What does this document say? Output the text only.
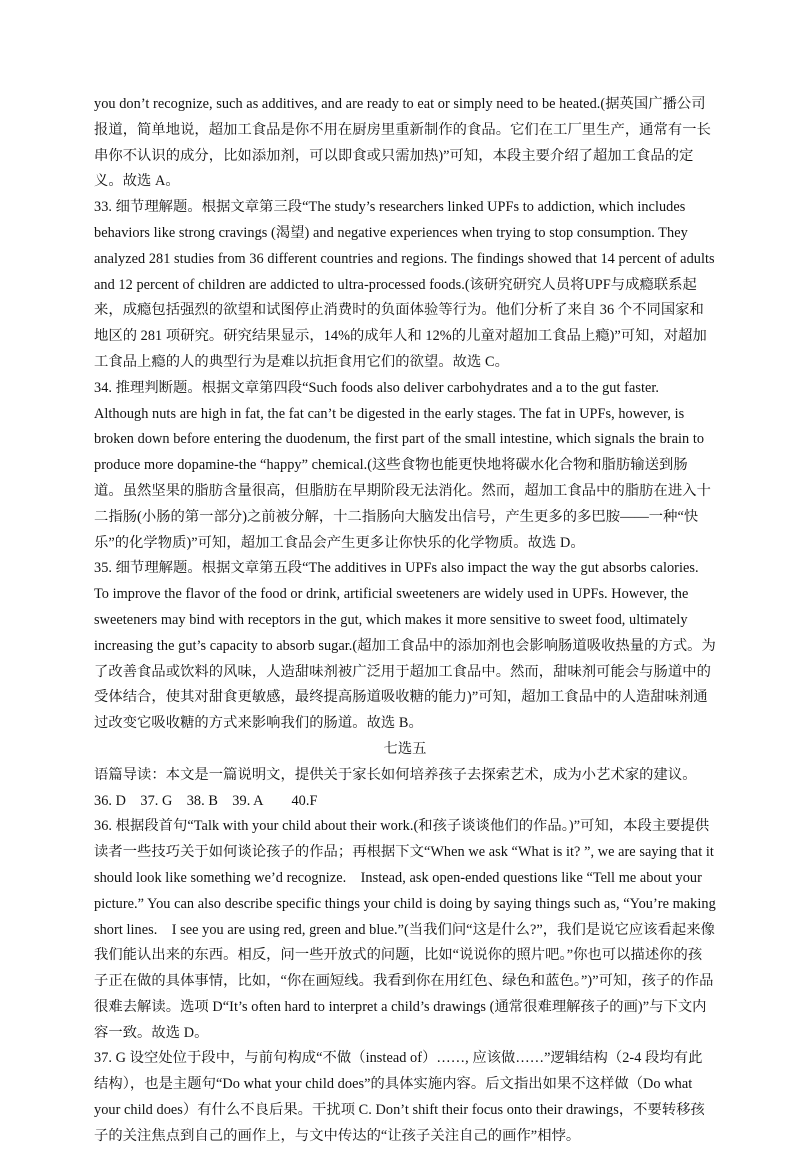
you don’t recognize, such as additives, and are ready to eat or simply need to be heated.(据英国广播公司报道，简单地说，超加工食品是你不用在厨房里重新制作的食品。它们在工厂里生产，通常有一长串你不认识的成分，比如添加剂，可以即食或只需加热)”可知，本段主要介绍了超加工食品的定义。故选 A。

33. 细节理解题。根据文章第三段“The study’s researchers linked UPFs to addiction, which includes behaviors like strong cravings (渴望) and negative experiences when trying to stop consumption. They analyzed 281 studies from 36 different countries and regions. The findings showed that 14 percent of adults and 12 percent of children are addicted to ultra-processed foods.(该研究研究人员将UPF与成瘾联系起来，成瘾包括强烈的欲望和试图停止消费时的负面体验等行为。他们分析了来自 36 个不同国家和地区的 281 项研究。研究结果显示，14%的成年人和 12%的儿童对超加工食品上瘾)”可知，对超加工食品上瘾的人的典型行为是难以抗拒食用它们的欲望。故选 C。

34. 推理判断题。根据文章第四段“Such foods also deliver carbohydrates and a to the gut faster. Although nuts are high in fat, the fat can’t be digested in the early stages. The fat in UPFs, however, is broken down before entering the duodenum, the first part of the small intestine, which signals the brain to produce more dopamine-the “happy” chemical.(这些食物也能更快地将碳水化合物和脂肪输送到肠道。虽然坚果的脂肪含量很高，但脂肪在早期阶段无法消化。然而，超加工食品中的脂肪在进入十二指肠(小肠的第一部分)之前被分解，十二指肠向大脑发出信号，产生更多的多巴胺——一种“快乐”的化学物质)”可知，超加工食品会产生更多让你快乐的化学物质。故选 D。

35. 细节理解题。根据文章第五段“The additives in UPFs also impact the way the gut absorbs calories. To improve the flavor of the food or drink, artificial sweeteners are widely used in UPFs. However, the sweeteners may bind with receptors in the gut, which makes it more sensitive to sweet food, ultimately increasing the gut’s capacity to absorb sugar.(超加工食品中的添加剂也会影响肠道吸收热量的方式。为了改善食品或饮料的风味，人造甜味剂被广泛用于超加工食品中。然而，甜味剂可能会与肠道中的受体结合，使其对甜食更敏感，最终提高肠道吸收糖的能力)”可知，超加工食品中的人造甜味剂通过改变它吸收糖的方式来影响我们的肠道。故选 B。

七选五

语篇导读：本文是一篇说明文，提供关于家长如何培养孩子去探索艺术，成为小艺术家的建议。

36. D　37. G　38. B　39. A　　40.F

36. 根据段首句“Talk with your child about their work.(和孩子谈谈他们的作品。)”可知，本段主要提供读者一些技巧关于如何谈论孩子的作品；再根据下文“When we ask “What is it? ”, we are saying that it should look like something we’d recognize.　Instead, ask open-ended questions like “Tell me about your picture.” You can also describe specific things your child is doing by saying things such as, “You’re making short lines.　I see you are using red, green and blue.”(当我们问“这是什么?”，我们是说它应该看起来像我们能认出来的东西。相反，问一些开放式的问题，比如“说说你的照片吧。”你也可以描述你的孩子正在做的具体事情，比如，“你在画短线。我看到你在用红色、绿色和蓝色。”)”可知，孩子的作品很难去解读。选项 D“It’s often hard to interpret a child’s drawings (通常很难理解孩子的画)”与下文内容一致。故选 D。

37. G 设空处位于段中，与前句构成“不做（instead of）……, 应该做……”逻辑结构（2-4 段均有此结构），也是主题句“Do what your child does”的具体实施内容。后文指出如果不这样做（Do what your child does）有什么不良后果。干扰项 C. Don’t shift their focus onto their drawings，不要转移孩子的关注焦点到自己的画作上，与文中传达的“让孩子关注自己的画作”相悖。
